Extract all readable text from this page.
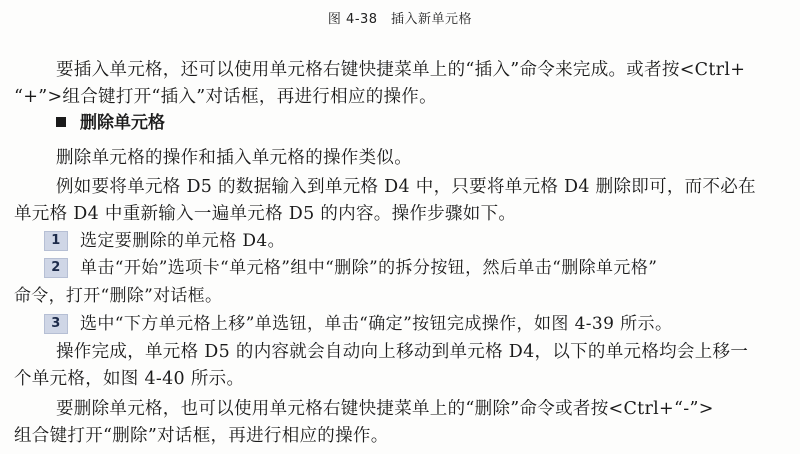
图 4-38　插入新单元格
要插入单元格，还可以使用单元格右键快捷菜单上的“插入”命令来完成。或者按<Ctrl+
“+”>组合键打开“插入”对话框，再进行相应的操作。
删除单元格
删除单元格的操作和插入单元格的操作类似。
例如要将单元格 D5 的数据输入到单元格 D4 中，只要将单元格 D4 删除即可，而不必在
单元格 D4 中重新输入一遍单元格 D5 的内容。操作步骤如下。
1 选定要删除的单元格 D4。
2 单击“开始”选项卡“单元格”组中“删除”的拆分按钮，然后单击“删除单元格”
命令，打开“删除”对话框。
3 选中“下方单元格上移”单选钮，单击“确定”按钮完成操作，如图 4-39 所示。
操作完成，单元格 D5 的内容就会自动向上移动到单元格 D4，以下的单元格均会上移一
个单元格，如图 4-40 所示。
要删除单元格，也可以使用单元格右键快捷菜单上的“删除”命令或者按<Ctrl+“-”>
组合键打开“删除”对话框，再进行相应的操作。
